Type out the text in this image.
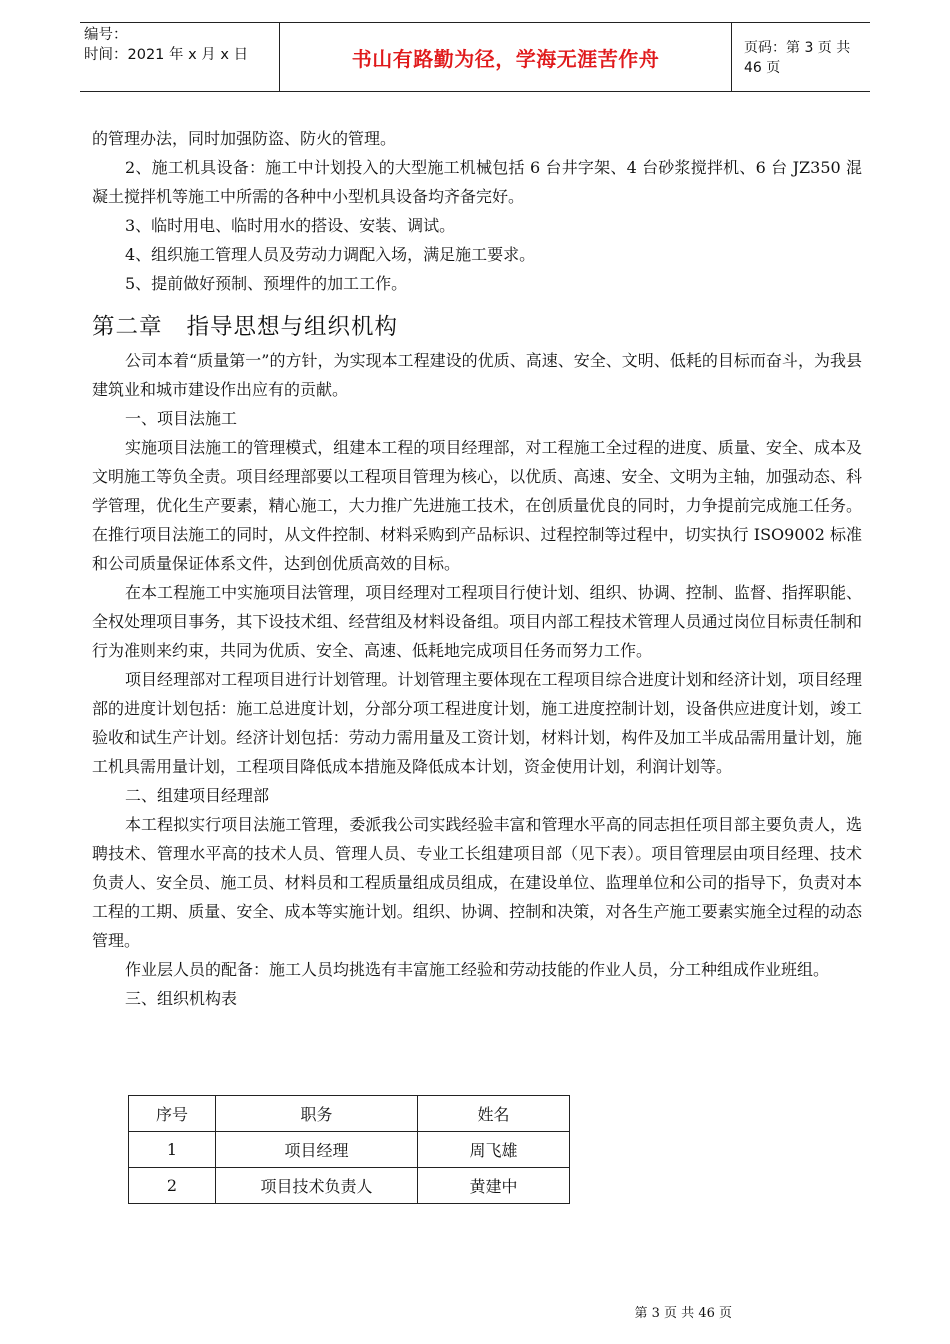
编号：
时间：2021 年 x 月 x 日	书山有路勤为径，学海无涯苦作舟	页码：第 3 页 共 46 页

的管理办法，同时加强防盗、防火的管理。

2、施工机具设备：施工中计划投入的大型施工机械包括 6 台井字架、4 台砂浆搅拌机、6 台 JZ350 混凝土搅拌机等施工中所需的各种中小型机具设备均齐备完好。

3、临时用电、临时用水的搭设、安装、调试。

4、组织施工管理人员及劳动力调配入场，满足施工要求。

5、提前做好预制、预埋件的加工工作。

第二章 指导思想与组织机构

公司本着“质量第一”的方针，为实现本工程建设的优质、高速、安全、文明、低耗的目标而奋斗，为我县建筑业和城市建设作出应有的贡献。

一、项目法施工

实施项目法施工的管理模式，组建本工程的项目经理部，对工程施工全过程的进度、质量、安全、成本及文明施工等负全责。项目经理部要以工程项目管理为核心，以优质、高速、安全、文明为主轴，加强动态、科学管理，优化生产要素，精心施工，大力推广先进施工技术，在创质量优良的同时，力争提前完成施工任务。在推行项目法施工的同时，从文件控制、材料采购到产品标识、过程控制等过程中，切实执行 ISO9002 标准和公司质量保证体系文件，达到创优质高效的目标。

在本工程施工中实施项目法管理，项目经理对工程项目行使计划、组织、协调、控制、监督、指挥职能、全权处理项目事务，其下设技术组、经营组及材料设备组。项目内部工程技术管理人员通过岗位目标责任制和行为准则来约束，共同为优质、安全、高速、低耗地完成项目任务而努力工作。

项目经理部对工程项目进行计划管理。计划管理主要体现在工程项目综合进度计划和经济计划，项目经理部的进度计划包括：施工总进度计划，分部分项工程进度计划，施工进度控制计划，设备供应进度计划，竣工验收和试生产计划。经济计划包括：劳动力需用量及工资计划，材料计划，构件及加工半成品需用量计划，施工机具需用量计划，工程项目降低成本措施及降低成本计划，资金使用计划，利润计划等。

二、组建项目经理部

本工程拟实行项目法施工管理，委派我公司实践经验丰富和管理水平高的同志担任项目部主要负责人，选聘技术、管理水平高的技术人员、管理人员、专业工长组建项目部（见下表）。项目管理层由项目经理、技术负责人、安全员、施工员、材料员和工程质量组成员组成，在建设单位、监理单位和公司的指导下，负责对本工程的工期、质量、安全、成本等实施计划。组织、协调、控制和决策，对各生产施工要素实施全过程的动态管理。

作业层人员的配备：施工人员均挑选有丰富施工经验和劳动技能的作业人员，分工种组成作业班组。

三、组织机构表

序号	职务	姓名
1	项目经理	周飞雄
2	项目技术负责人	黄建中
第 3 页 共 46 页
